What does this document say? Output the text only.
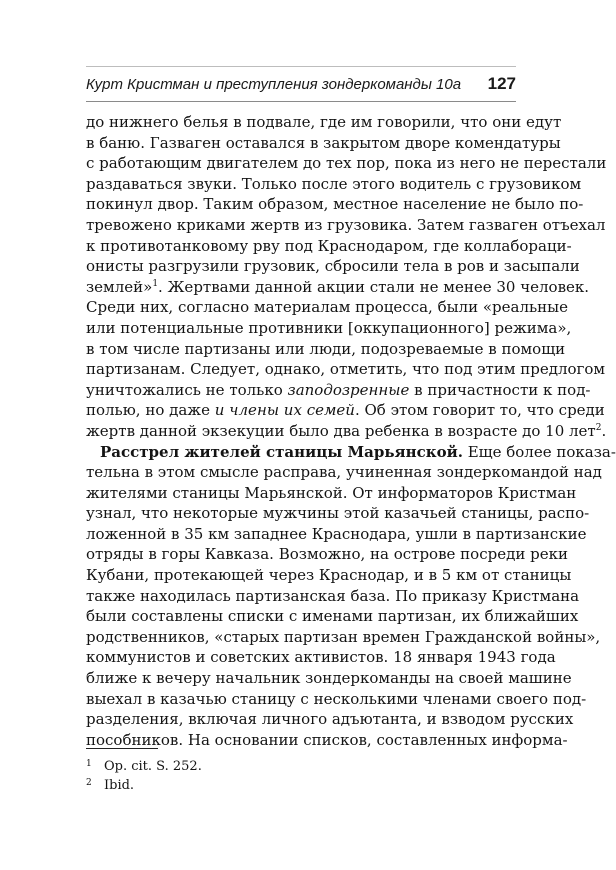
Курт Кристман и преступления зондеркоманды 10а 127
до нижнего белья в подвале, где им говорили, что они едут
в баню. Газваген оставался в закрытом дворе комендатуры
с работающим двигателем до тех пор, пока из него не перестали
раздаваться звуки. Только после этого водитель с грузовиком
покинул двор. Таким образом, местное население не было по-
тревожено криками жертв из грузовика. Затем газваген отъехал
к противотанковому рву под Краснодаром, где коллаборaци-
онисты разгрузили грузовик, сбросили тела в ров и засыпали
землей»$^1$. Жертвами данной акции стали не менее 30 человек.
Среди них, согласно материалам процесса, были «реальные
или потенциальные противники [оккупационного] режима»,
в том числе партизаны или люди, подозреваемые в помощи
партизанам. Следует, однако, отметить, что под этим предлогом
уничтожались не только заподозренные в причастности к под-
полью, но даже и члены их семей. Об этом говорит то, что среди
жертв данной экзекуции было два ребенка в возрасте до 10 лет$^2$.
Расстрел жителей станицы Марьянской. Еще более показа-
тельна в этом смысле расправа, учиненная зондеркомандой над
жителями станицы Марьянской. От информаторов Кристман
узнал, что некоторые мужчины этой казачьей станицы, распо-
ложенной в 35 км западнее Краснодара, ушли в партизанские
отряды в горы Кавказа. Возможно, на острове посреди реки
Кубани, протекающей через Краснодар, и в 5 км от станицы
также находилась партизанская база. По приказу Кристмана
были составлены списки с именами партизан, их ближайших
родственников, «старых партизан времен Гражданской войны»,
коммунистов и советских активистов. 18 января 1943 года
ближе к вечеру начальник зондеркоманды на своей машине
выехал в казачью станицу с несколькими членами своего под-
разделения, включая личного адъютанта, и взводом русских
пособников. На основании списков, составленных информа-
1 Op. cit. S. 252.
2 Ibid.
